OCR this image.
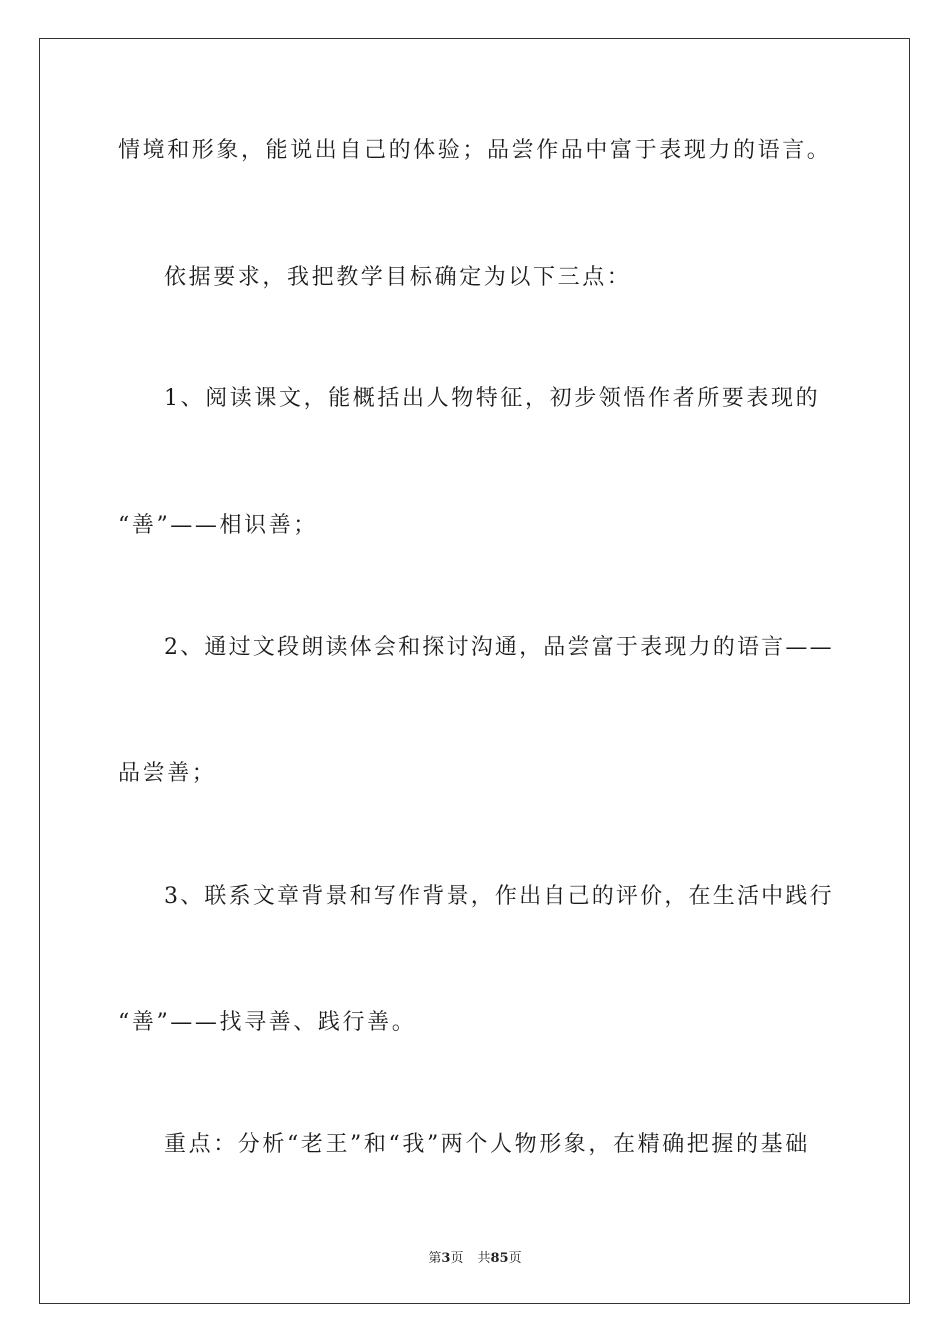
情境和形象，能说出自己的体验；品尝作品中富于表现力的语言。
依据要求，我把教学目标确定为以下三点：
1、阅读课文，能概括出人物特征，初步领悟作者所要表现的
“善”——相识善；
2、通过文段朗读体会和探讨沟通，品尝富于表现力的语言——
品尝善；
3、联系文章背景和写作背景，作出自己的评价，在生活中践行
“善”——找寻善、践行善。
重点：分析“老王”和“我”两个人物形象，在精确把握的基础
第3页 共85页
